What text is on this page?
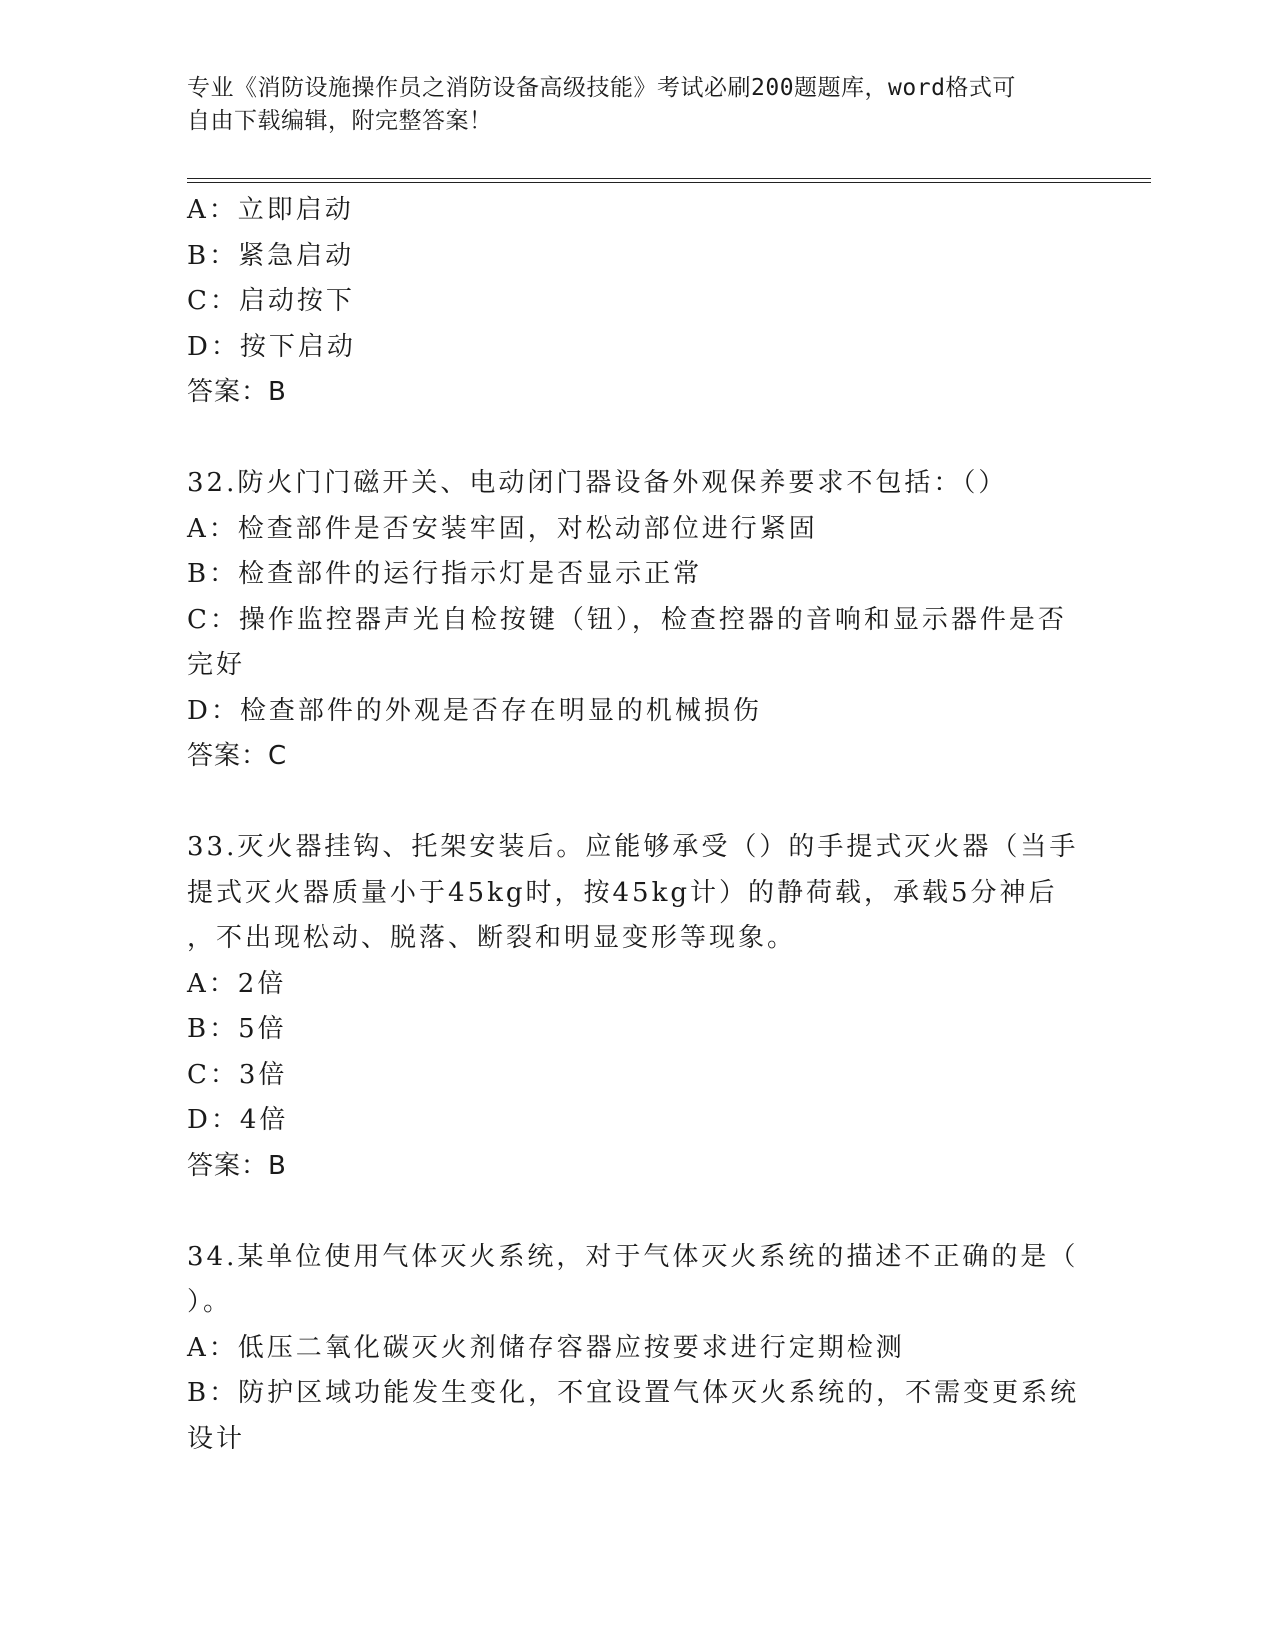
专业《消防设施操作员之消防设备高级技能》考试必刷200题题库，word格式可
自由下载编辑，附完整答案！
A：立即启动
B：紧急启动
C：启动按下
D：按下启动
答案：B
32.防火门门磁开关、电动闭门器设备外观保养要求不包括：（）
A：检查部件是否安装牢固，对松动部位进行紧固
B：检查部件的运行指示灯是否显示正常
C：操作监控器声光自检按键（钮），检查控器的音响和显示器件是否
完好
D：检查部件的外观是否存在明显的机械损伤
答案：C
33.灭火器挂钩、托架安装后。应能够承受（）的手提式灭火器（当手
提式灭火器质量小于45kg时，按45kg计）的静荷载，承载5分神后
，不出现松动、脱落、断裂和明显变形等现象。
A：2倍
B：5倍
C：3倍
D：4倍
答案：B
34.某单位使用气体灭火系统，对于气体灭火系统的描述不正确的是（
）。
A：低压二氧化碳灭火剂储存容器应按要求进行定期检测
B：防护区域功能发生变化，不宜设置气体灭火系统的，不需变更系统
设计
